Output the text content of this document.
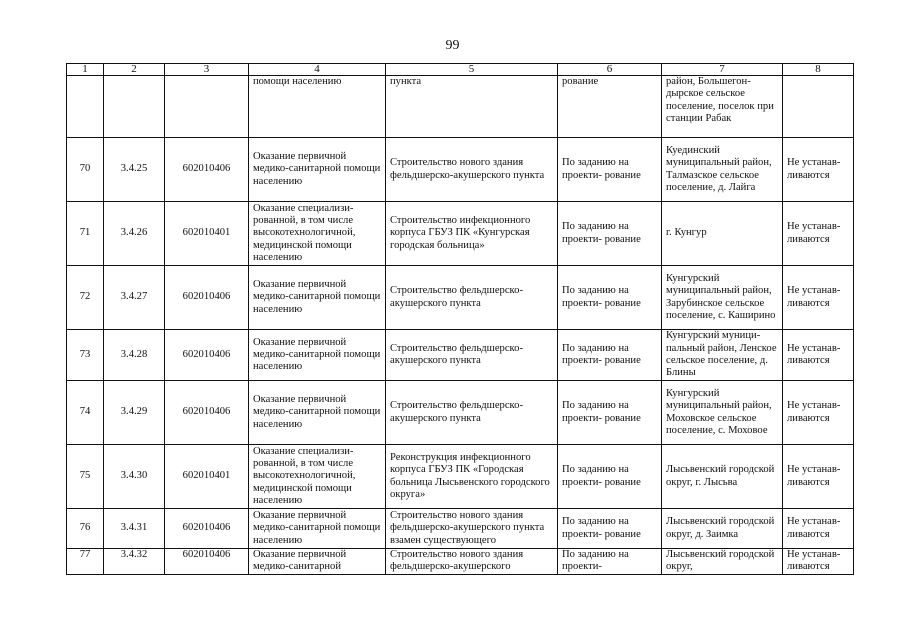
99
1	2	3	4	5	6	7	8
			помощи населению	пункта	рование	район, Большегон- дырское сельское поселение, поселок при станции Рабак	
70	3.4.25	602010406	Оказание первичной медико-санитарной помощи населению	Строительство нового здания фельдшерско-акушерского пункта	По заданию на проекти- рование	Куединский муниципальный район, Талмазское сельское поселение, д. Лайга	Не устанав- ливаются
71	3.4.26	602010401	Оказание специализи- рованной, в том числе высокотехнологичной, медицинской помощи населению	Строительство инфекционного корпуса ГБУЗ ПК «Кунгурская городская больница»	По заданию на проекти- рование	г. Кунгур	Не устанав- ливаются
72	3.4.27	602010406	Оказание первичной медико-санитарной помощи населению	Строительство фельдшерско- акушерского пункта	По заданию на проекти- рование	Кунгурский муниципальный район, Зарубинское сельское поселение, с. Каширино	Не устанав- ливаются
73	3.4.28	602010406	Оказание первичной медико-санитарной помощи населению	Строительство фельдшерско- акушерского пункта	По заданию на проекти- рование	Кунгурский муници- пальный район, Ленское сельское поселение, д. Блины	Не устанав- ливаются
74	3.4.29	602010406	Оказание первичной медико-санитарной помощи населению	Строительство фельдшерско- акушерского пункта	По заданию на проекти- рование	Кунгурский муниципальный район, Моховское сельское поселение, с. Моховое	Не устанав- ливаются
75	3.4.30	602010401	Оказание специализи- рованной, в том числе высокотехнологичной, медицинской помощи населению	Реконструкция инфекционного корпуса ГБУЗ ПК «Городская больница Лысьвенского городского округа»	По заданию на проекти- рование	Лысьвенский городской округ, г. Лысьва	Не устанав- ливаются
76	3.4.31	602010406	Оказание первичной медико-санитарной помощи населению	Строительство нового здания фельдшерско-акушерского пункта взамен существующего	По заданию на проекти- рование	Лысьвенский городской округ, д. Заимка	Не устанав- ливаются
77	3.4.32	602010406	Оказание первичной медико-санитарной	Строительство нового здания фельдшерско-акушерского	По заданию на проекти-	Лысьвенский городской округ,	Не устанав- ливаются
